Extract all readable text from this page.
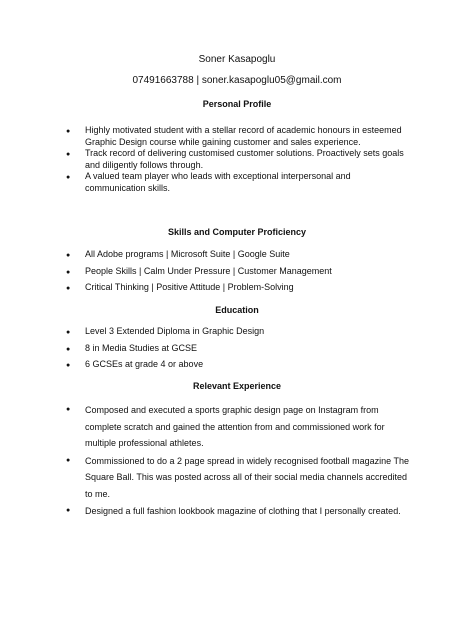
Soner Kasapoglu
07491663788 | soner.kasapoglu05@gmail.com
Personal Profile
● Highly motivated student with a stellar record of academic honours in esteemed Graphic Design course while gaining customer and sales experience.
● Track record of delivering customised customer solutions. Proactively sets goals and diligently follows through.
● A valued team player who leads with exceptional interpersonal and communication skills.
Skills and Computer Proficiency
● All Adobe programs | Microsoft Suite | Google Suite
● People Skills | Calm Under Pressure | Customer Management
● Critical Thinking | Positive Attitude | Problem-Solving
Education
● Level 3 Extended Diploma in Graphic Design
● 8 in Media Studies at GCSE
● 6 GCSEs at grade 4 or above
Relevant Experience
● Composed and executed a sports graphic design page on Instagram from complete scratch and gained the attention from and commissioned work for multiple professional athletes.
● Commissioned to do a 2 page spread in widely recognised football magazine The Square Ball. This was posted across all of their social media channels accredited to me.
● Designed a full fashion lookbook magazine of clothing that I personally created.
